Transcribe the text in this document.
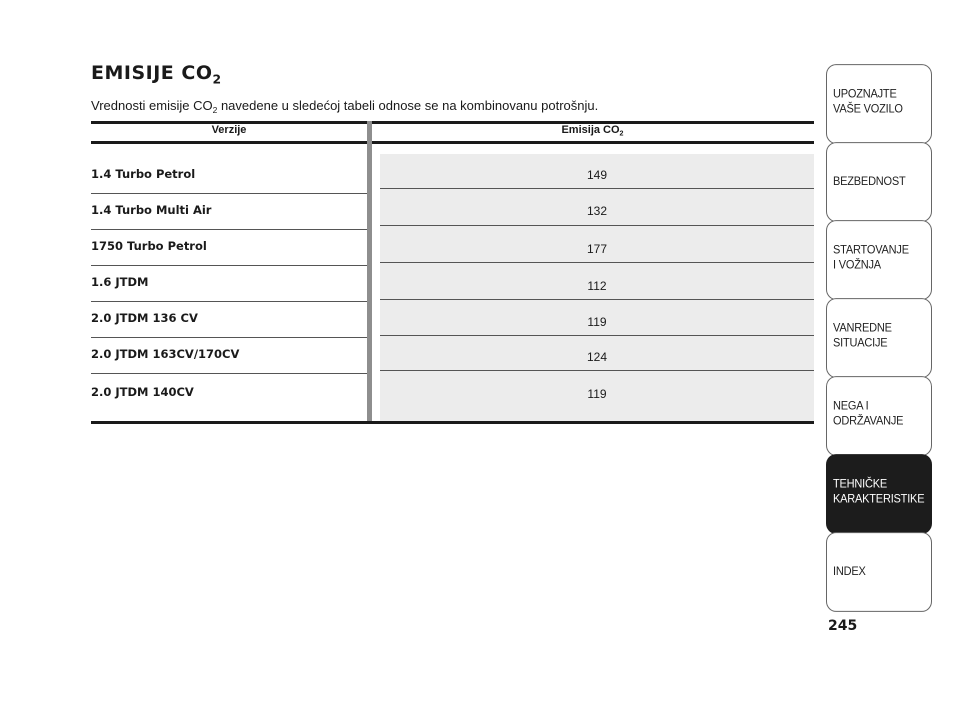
EMISIJE $CO_2$

Vrednosti emisije $CO_2$ navedene u sledećoj tabeli odnose se na kombinovanu potrošnju.

Verzije	Emisija $CO_2$
1.4 Turbo Petrol	149
1.4 Turbo Multi Air	132
1750 Turbo Petrol	177
1.6 JTDM	112
2.0 JTDM 136 CV	119
2.0 JTDM 163CV/170CV	124
2.0 JTDM 140CV	119
UPOZNAJTE
VAŠE VOZILO
BEZBEDNOST
STARTOVANJE
I VOŽNJA
VANREDNE
SITUACIJE
NEGA I
ODRŽAVANJE
TEHNIČKE
KARAKTERISTIKE
INDEX
245
